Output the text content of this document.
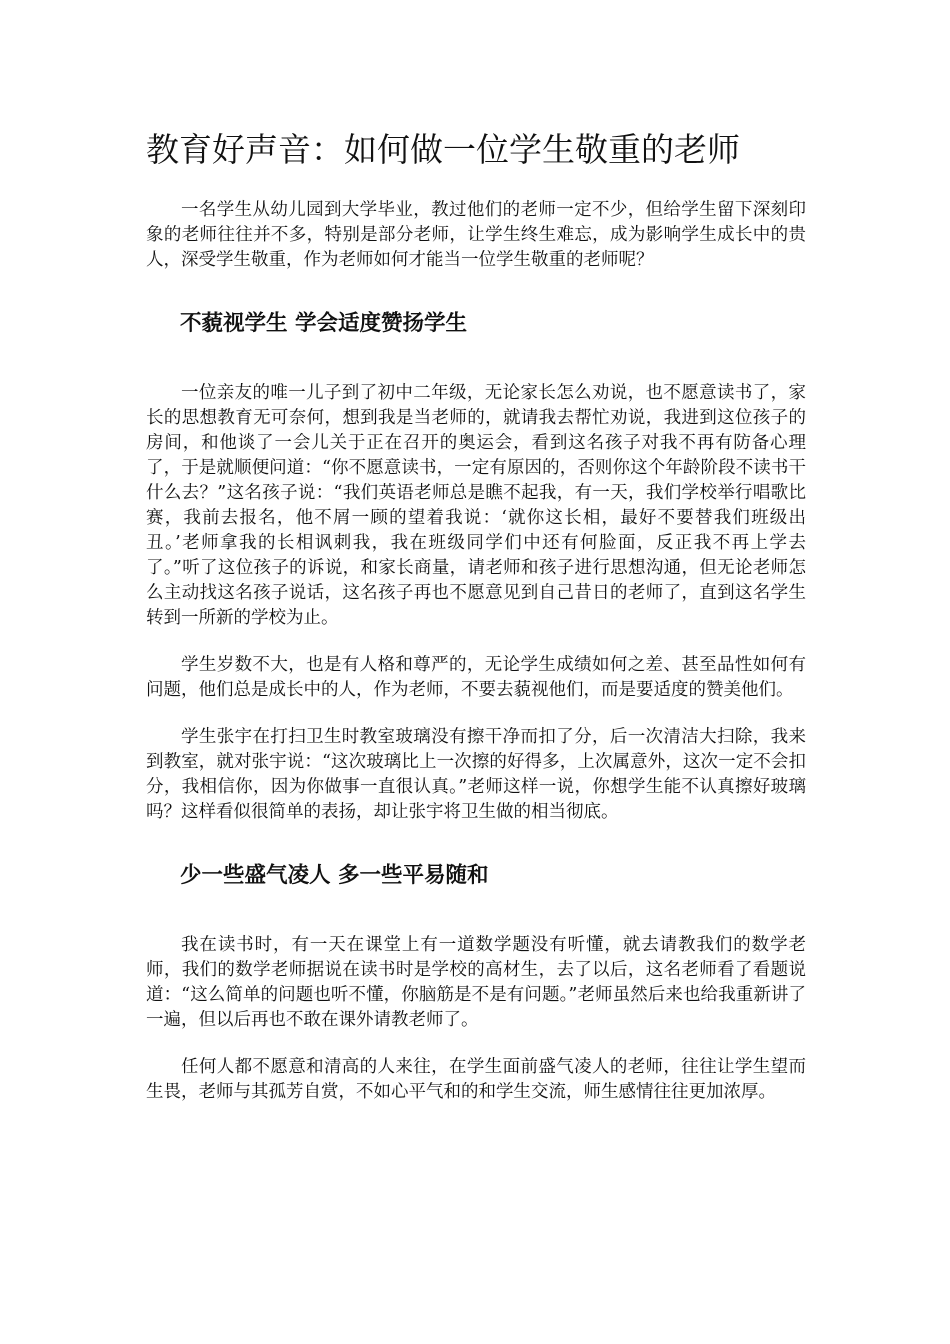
教育好声音：如何做一位学生敬重的老师

一名学生从幼儿园到大学毕业，教过他们的老师一定不少，但给学生留下深刻印象的老师往往并不多，特别是部分老师，让学生终生难忘，成为影响学生成长中的贵人，深受学生敬重，作为老师如何才能当一位学生敬重的老师呢？

不藐视学生 学会适度赞扬学生

一位亲友的唯一儿子到了初中二年级，无论家长怎么劝说，也不愿意读书了，家长的思想教育无可奈何，想到我是当老师的，就请我去帮忙劝说，我进到这位孩子的房间，和他谈了一会儿关于正在召开的奥运会，看到这名孩子对我不再有防备心理了，于是就顺便问道：“你不愿意读书，一定有原因的，否则你这个年龄阶段不读书干什么去？”这名孩子说：“我们英语老师总是瞧不起我，有一天，我们学校举行唱歌比赛，我前去报名，他不屑一顾的望着我说：‘就你这长相，最好不要替我们班级出丑。’老师拿我的长相讽刺我，我在班级同学们中还有何脸面，反正我不再上学去了。”听了这位孩子的诉说，和家长商量，请老师和孩子进行思想沟通，但无论老师怎么主动找这名孩子说话，这名孩子再也不愿意见到自己昔日的老师了，直到这名学生转到一所新的学校为止。

学生岁数不大，也是有人格和尊严的，无论学生成绩如何之差、甚至品性如何有问题，他们总是成长中的人，作为老师，不要去藐视他们，而是要适度的赞美他们。

学生张宇在打扫卫生时教室玻璃没有擦干净而扣了分，后一次清洁大扫除，我来到教室，就对张宇说：“这次玻璃比上一次擦的好得多，上次属意外，这次一定不会扣分，我相信你，因为你做事一直很认真。”老师这样一说，你想学生能不认真擦好玻璃吗？这样看似很简单的表扬，却让张宇将卫生做的相当彻底。

少一些盛气凌人 多一些平易随和

我在读书时，有一天在课堂上有一道数学题没有听懂，就去请教我们的数学老师，我们的数学老师据说在读书时是学校的高材生，去了以后，这名老师看了看题说道：“这么简单的问题也听不懂，你脑筋是不是有问题。”老师虽然后来也给我重新讲了一遍，但以后再也不敢在课外请教老师了。

任何人都不愿意和清高的人来往，在学生面前盛气凌人的老师，往往让学生望而生畏，老师与其孤芳自赏，不如心平气和的和学生交流，师生感情往往更加浓厚。
